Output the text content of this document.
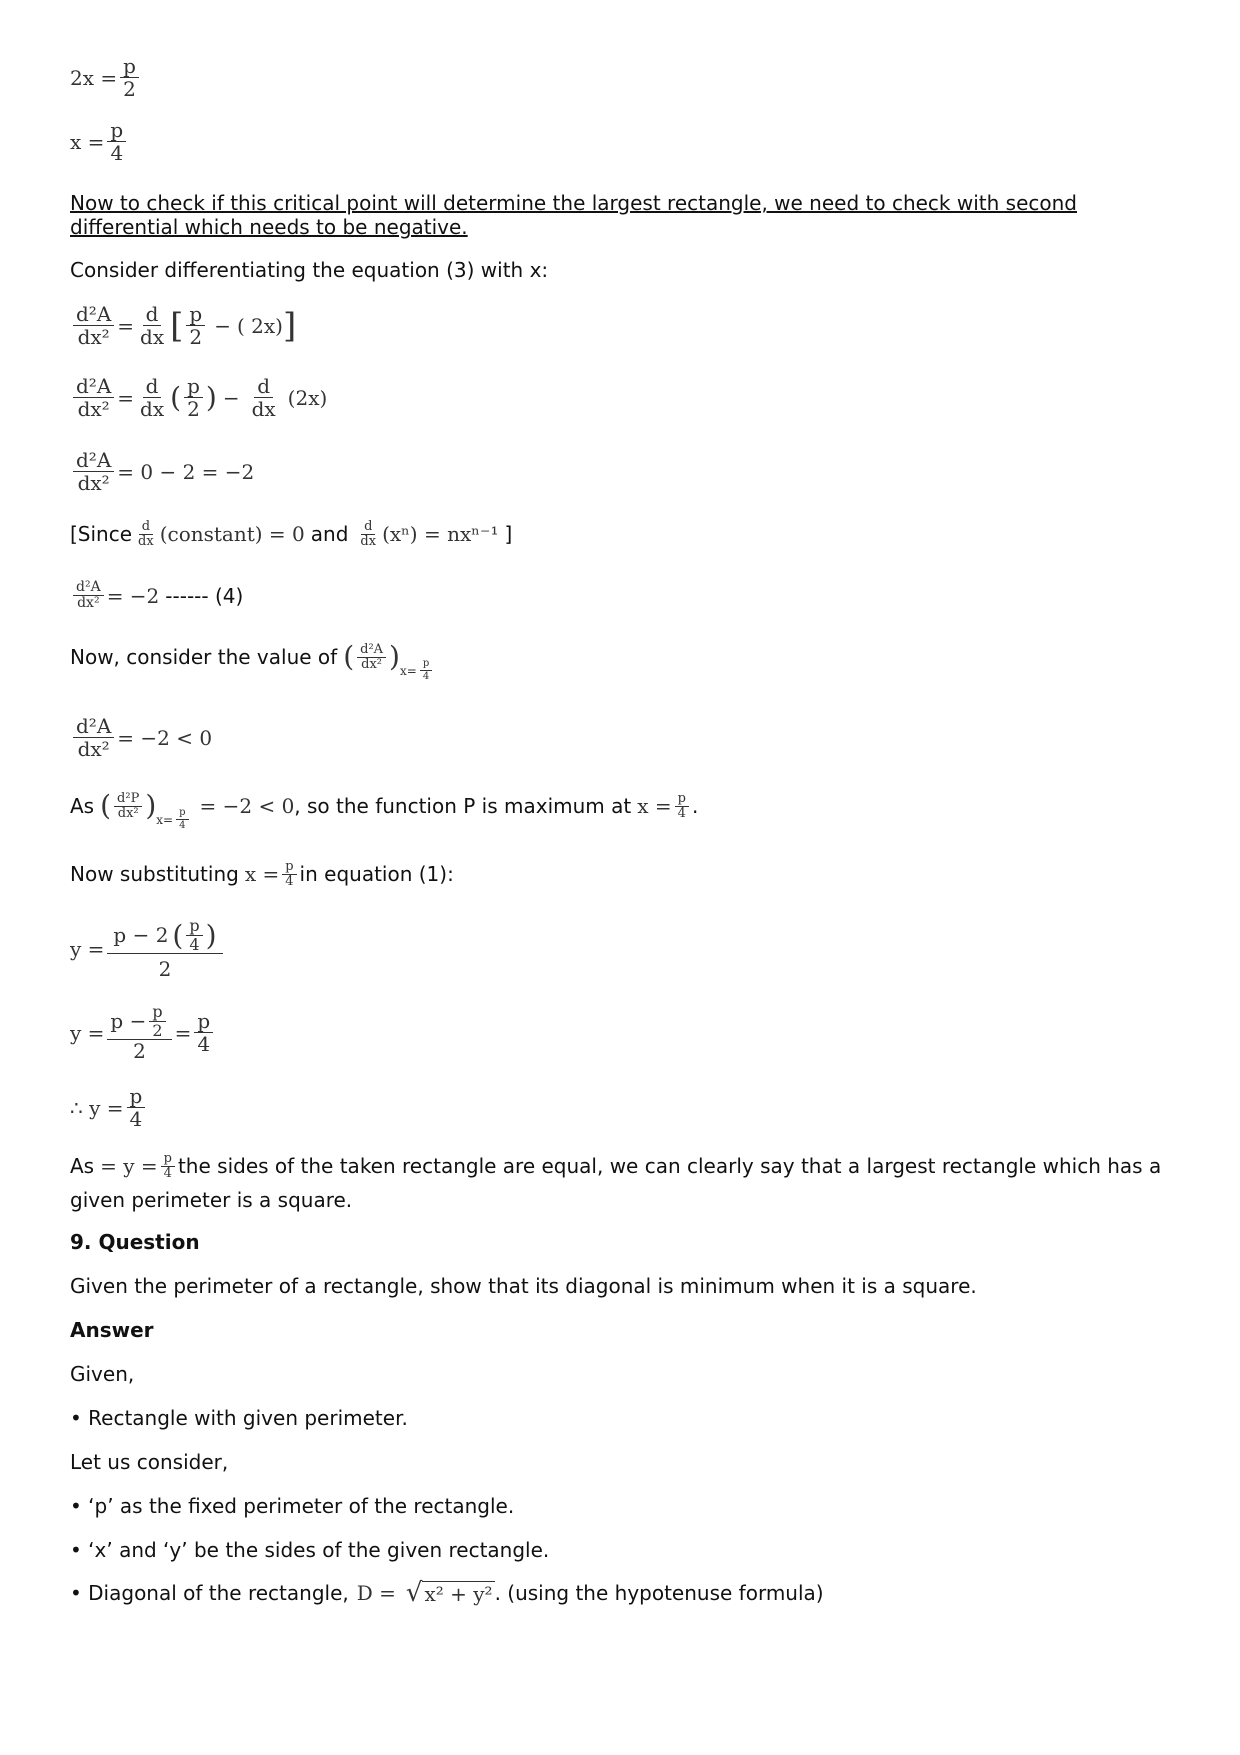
$2x = \frac{p}{2}$
$x = \frac{p}{4}$
Now to check if this critical point will determine the largest rectangle, we need to check with second differential which needs to be negative.
Consider differentiating the equation (3) with x:
$\frac{\text{d²A}}{\text{dx²}} = \frac{d}{dx}$ [ $\frac{p}{2}$ − ( 2x) ]
$\frac{\text{d²A}}{\text{dx²}} = \frac{d}{dx}$ ( $\frac{p}{2}$ ) − $\frac{d}{dx} (2x)$
$\frac{\text{d²A}}{\text{dx²}} = 0 - 2 = -2$
[Since $\frac{d}{dx}$ (constant) = 0 and $\frac{d}{dx} (x^n) = nx^{n-1}$ ]
$\frac{\text{d²A}}{\text{dx²}} = -2$ ------ (4)
Now, consider the value of ( $\frac{\text{d²A}}{\text{dx²}}$ ) $x= \frac{p}{4}$
$\frac{\text{d²A}}{\text{dx²}} = -2 < 0$
As ( $\frac{\text{d²P}}{\text{dx²}}$ ) $x= \frac{p}{4}$
= −2 < 0 , so the function P is maximum at $x = \frac{p}{4}$ .
Now substituting $x = \frac{p}{4}$ in equation (1):
$y = \frac{p - 2 ( \frac{p}{4} )}{2}$
$y = \frac{p - \frac{p}{2}}{2} = \frac{p}{4}$
∴ $y = \frac{p}{4}$
$As = y = \frac{p}{4}$ the sides of the taken rectangle are equal, we can clearly say that a largest rectangle which has a
given perimeter is a square.
9. Question
Given the perimeter of a rectangle, show that its diagonal is minimum when it is a square.
Answer
Given,
• Rectangle with given perimeter.
Let us consider,
• ‘p’ as the fixed perimeter of the rectangle.
• ‘x’ and ‘y’ be the sides of the given rectangle.
• Diagonal of the rectangle, D = √ x² + y² . (using the hypotenuse formula)
